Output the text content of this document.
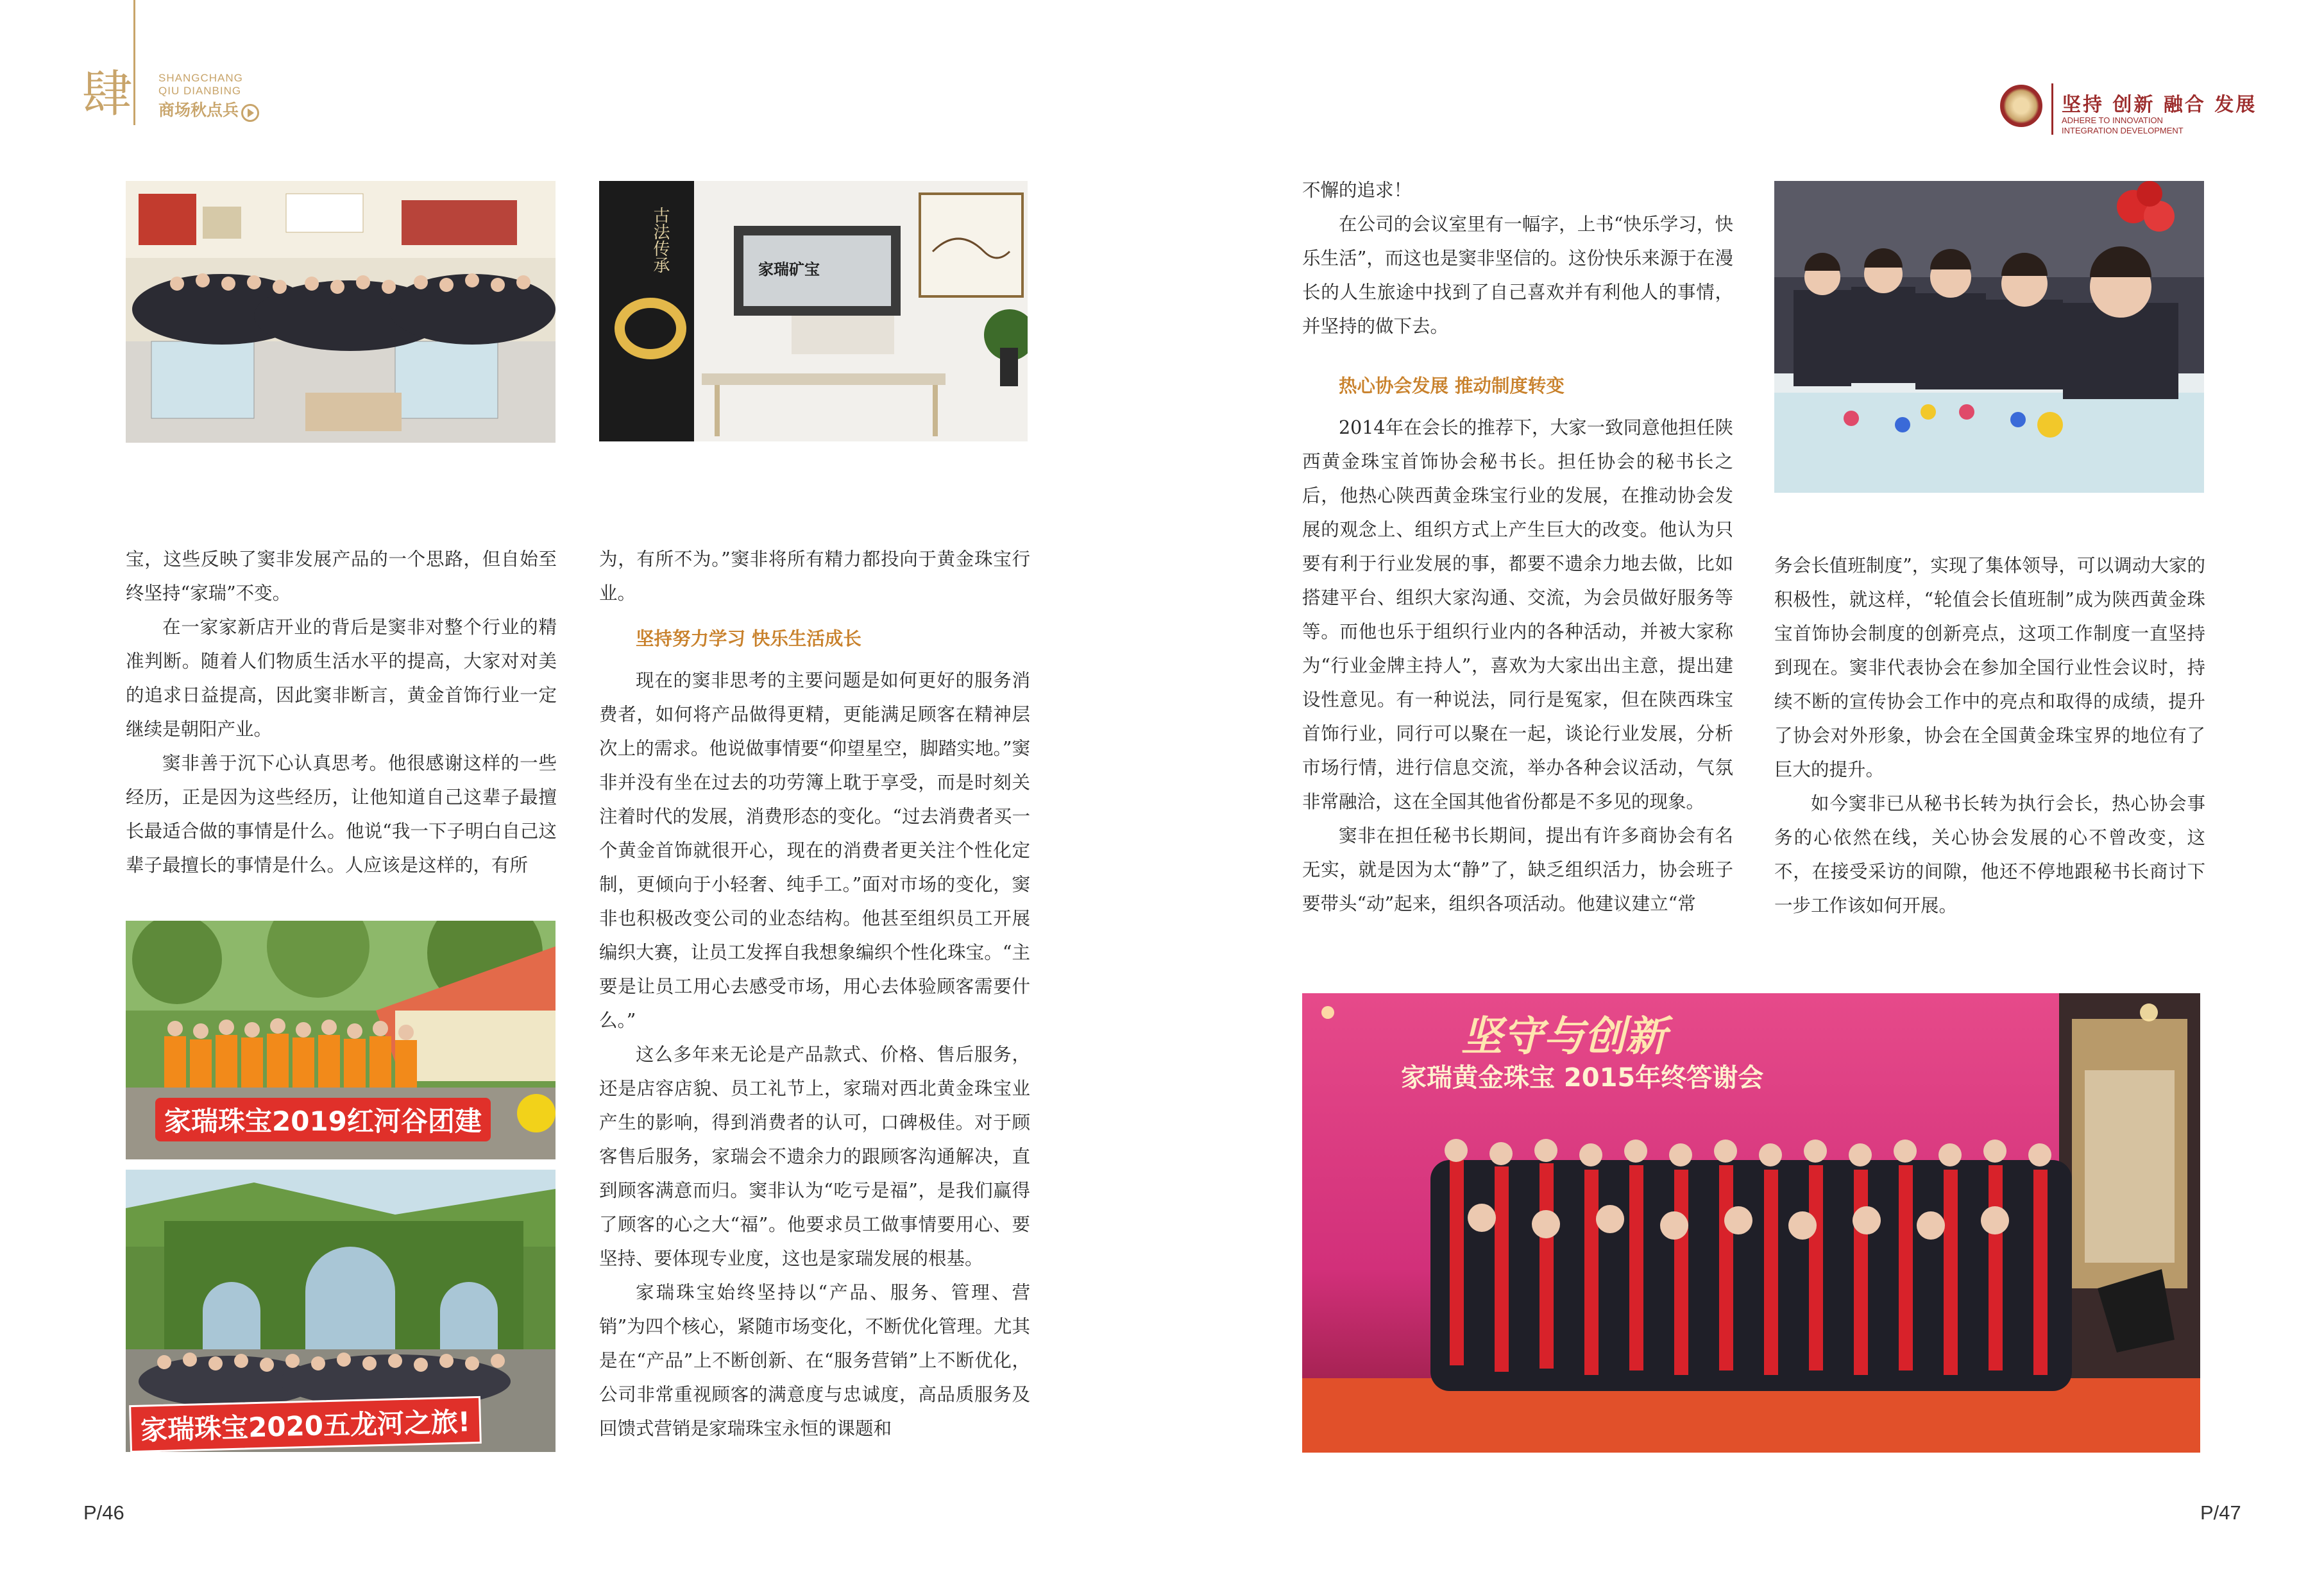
肆 SHANGCHANG
QIU DIANBING
商场秋点兵	坚持 创新 融合 发展
ADHERE TO INNOVATION
INTEGRATION DEVELOPMENT
古法传承	家瑞矿宝
家瑞珠宝2019红河谷团建
家瑞珠宝2020五龙河之旅!

宝，这些反映了窦非发展产品的一个思路，但自始至终坚持“家瑞”不变。

在一家家新店开业的背后是窦非对整个行业的精准判断。随着人们物质生活水平的提高，大家对对美的追求日益提高，因此窦非断言，黄金首饰行业一定继续是朝阳产业。

窦非善于沉下心认真思考。他很感谢这样的一些经历，正是因为这些经历，让他知道自己这辈子最擅长最适合做的事情是什么。他说“我一下子明白自己这辈子最擅长的事情是什么。人应该是这样的，有所

为，有所不为。”窦非将所有精力都投向于黄金珠宝行业。

坚持努力学习 快乐生活成长

现在的窦非思考的主要问题是如何更好的服务消费者，如何将产品做得更精，更能满足顾客在精神层次上的需求。他说做事情要“仰望星空，脚踏实地。”窦非并没有坐在过去的功劳簿上耽于享受，而是时刻关注着时代的发展，消费形态的变化。“过去消费者买一个黄金首饰就很开心，现在的消费者更关注个性化定制，更倾向于小轻奢、纯手工。”面对市场的变化，窦非也积极改变公司的业态结构。他甚至组织员工开展编织大赛，让员工发挥自我想象编织个性化珠宝。“主要是让员工用心去感受市场，用心去体验顾客需要什么。”

这么多年来无论是产品款式、价格、售后服务，还是店容店貌、员工礼节上，家瑞对西北黄金珠宝业产生的影响，得到消费者的认可，口碑极佳。对于顾客售后服务，家瑞会不遗余力的跟顾客沟通解决，直到顾客满意而归。窦非认为“吃亏是福”，是我们赢得了顾客的心之大“福”。他要求员工做事情要用心、要坚持、要体现专业度，这也是家瑞发展的根基。

家瑞珠宝始终坚持以“产品、服务、管理、营销”为四个核心，紧随市场变化，不断优化管理。尤其是在“产品”上不断创新、在“服务营销”上不断优化，公司非常重视顾客的满意度与忠诚度，高品质服务及回馈式营销是家瑞珠宝永恒的课题和

不懈的追求！

在公司的会议室里有一幅字，上书“快乐学习，快乐生活”，而这也是窦非坚信的。这份快乐来源于在漫长的人生旅途中找到了自己喜欢并有利他人的事情，并坚持的做下去。

热心协会发展 推动制度转变

2014年在会长的推荐下，大家一致同意他担任陕西黄金珠宝首饰协会秘书长。担任协会的秘书长之后，他热心陕西黄金珠宝行业的发展，在推动协会发展的观念上、组织方式上产生巨大的改变。他认为只要有利于行业发展的事，都要不遗余力地去做，比如搭建平台、组织大家沟通、交流，为会员做好服务等等。而他也乐于组织行业内的各种活动，并被大家称为“行业金牌主持人”，喜欢为大家出出主意，提出建设性意见。有一种说法，同行是冤家，但在陕西珠宝首饰行业，同行可以聚在一起，谈论行业发展，分析市场行情，进行信息交流，举办各种会议活动，气氛非常融洽，这在全国其他省份都是不多见的现象。

窦非在担任秘书长期间，提出有许多商协会有名无实，就是因为太“静”了，缺乏组织活力，协会班子要带头“动”起来，组织各项活动。他建议建立“常

务会长值班制度”，实现了集体领导，可以调动大家的积极性，就这样，“轮值会长值班制”成为陕西黄金珠宝首饰协会制度的创新亮点，这项工作制度一直坚持到现在。窦非代表协会在参加全国行业性会议时，持续不断的宣传协会工作中的亮点和取得的成绩，提升了协会对外形象，协会在全国黄金珠宝界的地位有了巨大的提升。

如今窦非已从秘书长转为执行会长，热心协会事务的心依然在线，关心协会发展的心不曾改变，这不，在接受采访的间隙，他还不停地跟秘书长商讨下一步工作该如何开展。

坚守与创新
家瑞黄金珠宝 2015年终答谢会
P/46	P/47
